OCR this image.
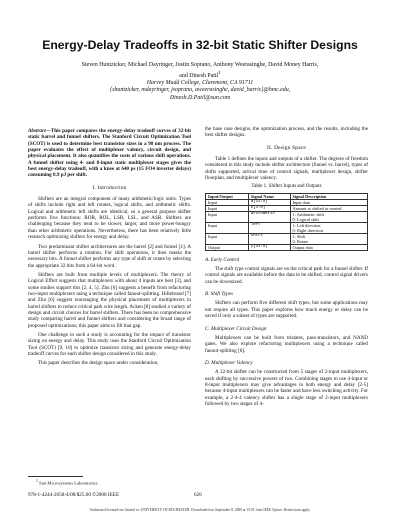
Energy-Delay Tradeoffs in 32-bit Static Shifter Designs
Steven Huntzicker, Michael Dayringer, Justin Soprano, Anthony Weerasinghe, David Money Harris,
and Dinesh Patil$^1$
Harvey Mudd College, Claremont, CA 91711
{shuntzicker, mdayringer, jsoprano, aweerasinghe, david_harris}@hmc.edu,
Dinesh.D.Patil@sun.com

Abstract—This paper compares the energy-delay tradeoff curves of 32-bit static barrel and funnel shifters. The Stanford Circuit Optimization Tool (SCOT) is used to determine best transistor sizes in a 90 nm process. The paper evaluates the effect of multiplexer valency, circuit design, and physical placement. It also quantifies the costs of various shift operations. A funnel shifter using 4- and 8-input static multiplexer stages gives the best energy-delay tradeoff, with a knee at 640 ps (15 FO4 inverter delays) consuming 0.9 pJ per shift.

I. Introduction

Shifters are an integral component of many arithmetic/logic units. Types of shifts include right and left rotates, logical shifts, and arithmetic shifts. Logical and arithmetic left shifts are identical, so a general purpose shifter performs five functions: ROR, ROL, LSR, LSL, and ASR. Shifters are challenging because they tend to be slower, larger, and more power-hungry than other arithmetic operations. Nevertheless, there has been relatively little research optimizing shifters for energy and delay.

Two predominant shifter architectures are the barrel [2] and funnel [1]. A barrel shifter performs a rotation. For shift operations, it then masks the necessary bits. A funnel shifter performs any type of shift or rotate by selecting the appropriate 32 bits from a 64-bit word.

Shifters are built from multiple levels of multiplexers. The theory of Logical Effort suggests that multiplexers with about 4 inputs are best [3], and some studies support this [2, 4, 5]. Zhu [6] suggests a benefit from refactoring two-input multiplexers using a technique called fanout-splitting. Hillebrand [7] and Zhu [6] suggest rearranging the physical placement of multiplexers in barrel shifters to reduce critical path wire length. Acken [8] studied a variety of design and circuit choices for barrel shifters. There has been no comprehensive study comparing barrel and funnel shifters and considering the broad range of proposed optimizations; this paper aims to fill that gap.

One challenge in such a study is accounting for the impact of transistor sizing on energy and delay. This study uses the Stanford Circuit Optimization Tool (SCOT) [9, 10] to optimize transistor sizing and generate energy-delay tradeoff curves for each shifter design considered in this study.

This paper describes the design space under consideration,

the base case designs, the optimization process, and the results, including the best shifter designs.

II. Design Space

Table 1 defines the inputs and outputs of a shifter. The degrees of freedom considered in this study include shifter architecture (funnel vs. barrel), types of shifts supported, arrival time of control signals, multiplexer design, shifter floorplan, and multiplexer valency.

Table 1. Shifter Inputs and Outputs
Input/Output	Signal Name	Signal Description
Input	a[31:0]	Input data
Input	k[4:0]	Amount to shifted or rotated
Input	arithmetic	1: Arithmetic shift
		0: Logical shift
Input	left	1: Left direction
		0: Right direction
Input	shift	1: Shift
		0: Rotate
Output	y[31:0]	Output data
A. Early Control

The shift type control signals are on the critical path for a funnel shifter. If control signals are available before the data to be shifted, control signal drivers can be downsized.

B. Shift Types

Shifters can perform five different shift types, but some applications may not require all types. This paper explores how much energy or delay can be saved if only a subset of types are supported.

C. Multiplexer Circuit Design

Multiplexers can be built from tristates, pass-transistors, and NAND gates. We also explore refactoring multiplexers using a technique called fanout-splitting [6].

D. Multiplexer Valency

A 32-bit shifter can be constructed from 5 stages of 2-input multiplexers, each shifting by successive powers of two. Combining stages to use 4-input or 8-input multiplexers may give advantages in both energy and delay [2-5] because 4-input multiplexers can be faster and have less switching activity. For example, a 2-4-4 valency shifter has a single stage of 2-input multiplexers followed by two stages of 4-

$^1$ Sun Microsystems Laboratories
978-1-4244-2658-4/08/$25.00 ©2008 IEEE	626
Authorized licensed use limited to: UNIVERSITY OF ROCHESTER. Downloaded on September 8, 2009 at 15:01 from IEEE Xplore. Restrictions apply.
